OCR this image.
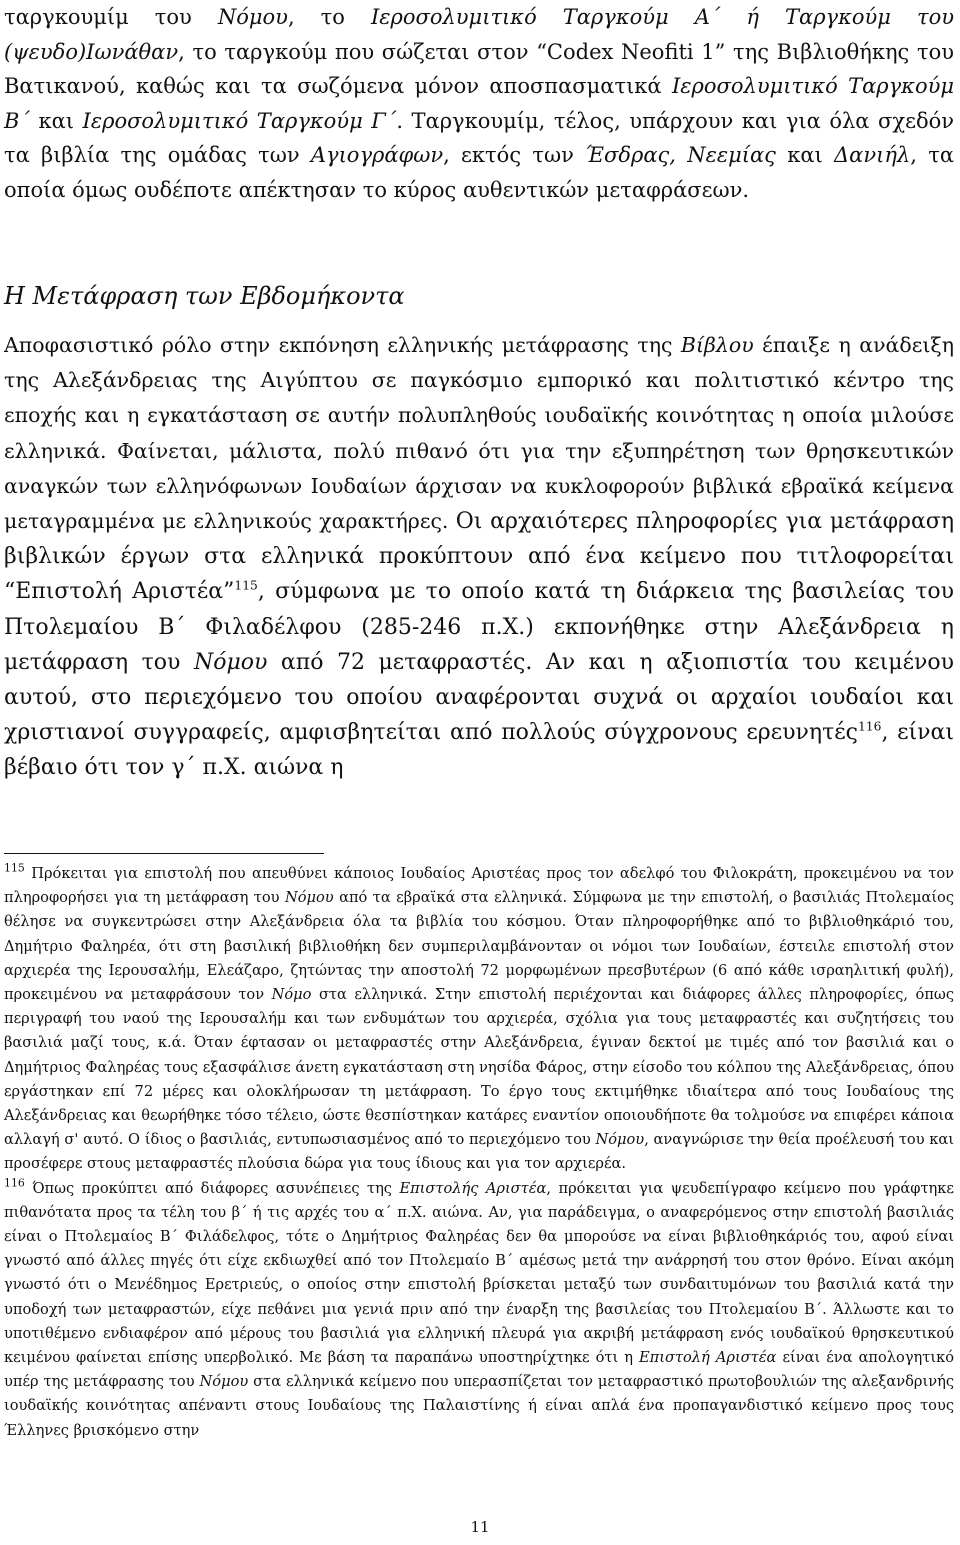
ταργκουμίμ του Νόμου, το Ιεροσολυμιτικό Ταργκούμ Α΄ ή Ταργκούμ του (ψευδο)Ιωνάθαν, το ταργκούμ που σώζεται στον “Codex Neofiti 1” της Βιβλιοθήκης του Βατικανού, καθώς και τα σωζόμενα μόνον αποσπασματικά Ιεροσολυμιτικό Ταργκούμ Β΄ και Ιεροσολυμιτικό Ταργκούμ Γ΄. Ταργκουμίμ, τέλος, υπάρχουν και για όλα σχεδόν τα βιβλία της ομάδας των Αγιογράφων, εκτός των Έσδρας, Νεεμίας και Δανιήλ, τα οποία όμως ουδέποτε απέκτησαν το κύρος αυθεντικών μεταφράσεων.

Η Μετάφραση των Εβδομήκοντα

Αποφασιστικό ρόλο στην εκπόνηση ελληνικής μετάφρασης της Βίβλου έπαιξε η ανάδειξη της Αλεξάνδρειας της Αιγύπτου σε παγκόσμιο εμπορικό και πολιτιστικό κέντρο της εποχής και η εγκατάσταση σε αυτήν πολυπληθούς ιουδαϊκής κοινότητας η οποία μιλούσε ελληνικά. Φαίνεται, μάλιστα, πολύ πιθανό ότι για την εξυπηρέτηση των θρησκευτικών αναγκών των ελληνόφωνων Ιουδαίων άρχισαν να κυκλοφορούν βιβλικά εβραϊκά κείμενα μεταγραμμένα με ελληνικούς χαρακτήρες. Οι αρχαιότερες πληροφορίες για μετάφραση βιβλικών έργων στα ελληνικά προκύπτουν από ένα κείμενο που τιτλοφορείται “Επιστολή Αριστέα”$^{115}$, σύμφωνα με το οποίο κατά τη διάρκεια της βασιλείας του Πτολεμαίου Β΄ Φιλαδέλφου (285-246 π.Χ.) εκπονήθηκε στην Αλεξάνδρεια η μετάφραση του Νόμου από 72 μεταφραστές. Αν και η αξιοπιστία του κειμένου αυτού, στο περιεχόμενο του οποίου αναφέρονται συχνά οι αρχαίοι ιουδαίοι και χριστιανοί συγγραφείς, αμφισβητείται από πολλούς σύγχρονους ερευνητές$^{116}$, είναι βέβαιο ότι τον γ΄ π.Χ. αιώνα η

$^{115}$ Πρόκειται για επιστολή που απευθύνει κάποιος Ιουδαίος Αριστέας προς τον αδελφό του Φιλοκράτη, προκειμένου να τον πληροφορήσει για τη μετάφραση του Νόμου από τα εβραϊκά στα ελληνικά. Σύμφωνα με την επιστολή, ο βασιλιάς Πτολεμαίος θέλησε να συγκεντρώσει στην Αλεξάνδρεια όλα τα βιβλία του κόσμου. Όταν πληροφορήθηκε από το βιβλιοθηκάριό του, Δημήτριο Φαληρέα, ότι στη βασιλική βιβλιοθήκη δεν συμπεριλαμβάνονταν οι νόμοι των Ιουδαίων, έστειλε επιστολή στον αρχιερέα της Ιερουσαλήμ, Ελεάζαρο, ζητώντας την αποστολή 72 μορφωμένων πρεσβυτέρων (6 από κάθε ισραηλιτική φυλή), προκειμένου να μεταφράσουν τον Νόμο στα ελληνικά. Στην επιστολή περιέχονται και διάφορες άλλες πληροφορίες, όπως περιγραφή του ναού της Ιερουσαλήμ και των ενδυμάτων του αρχιερέα, σχόλια για τους μεταφραστές και συζητήσεις του βασιλιά μαζί τους, κ.ά. Όταν έφτασαν οι μεταφραστές στην Αλεξάνδρεια, έγιναν δεκτοί με τιμές από τον βασιλιά και ο Δημήτριος Φαληρέας τους εξασφάλισε άνετη εγκατάσταση στη νησίδα Φάρος, στην είσοδο του κόλπου της Αλεξάνδρειας, όπου εργάστηκαν επί 72 μέρες και ολοκλήρωσαν τη μετάφραση. Το έργο τους εκτιμήθηκε ιδιαίτερα από τους Ιουδαίους της Αλεξάνδρειας και θεωρήθηκε τόσο τέλειο, ώστε θεσπίστηκαν κατάρες εναντίον οποιουδήποτε θα τολμούσε να επιφέρει κάποια αλλαγή σ' αυτό. Ο ίδιος ο βασιλιάς, εντυπωσιασμένος από το περιεχόμενο του Νόμου, αναγνώρισε την θεία προέλευσή του και προσέφερε στους μεταφραστές πλούσια δώρα για τους ίδιους και για τον αρχιερέα.

$^{116}$ Όπως προκύπτει από διάφορες ασυνέπειες της Επιστολής Αριστέα, πρόκειται για ψευδεπίγραφο κείμενο που γράφτηκε πιθανότατα προς τα τέλη του β΄ ή τις αρχές του α΄ π.Χ. αιώνα. Αν, για παράδειγμα, ο αναφερόμενος στην επιστολή βασιλιάς είναι ο Πτολεμαίος Β΄ Φιλάδελφος, τότε ο Δημήτριος Φαληρέας δεν θα μπορούσε να είναι βιβλιοθηκάριός του, αφού είναι γνωστό από άλλες πηγές ότι είχε εκδιωχθεί από τον Πτολεμαίο Β΄ αμέσως μετά την ανάρρησή του στον θρόνο. Είναι ακόμη γνωστό ότι ο Μενέδημος Ερετριεύς, ο οποίος στην επιστολή βρίσκεται μεταξύ των συνδαιτυμόνων του βασιλιά κατά την υποδοχή των μεταφραστών, είχε πεθάνει μια γενιά πριν από την έναρξη της βασιλείας του Πτολεμαίου Β΄. Άλλωστε και το υποτιθέμενο ενδιαφέρον από μέρους του βασιλιά για ελληνική πλευρά για ακριβή μετάφραση ενός ιουδαϊκού θρησκευτικού κειμένου φαίνεται επίσης υπερβολικό. Με βάση τα παραπάνω υποστηρίχτηκε ότι η Επιστολή Αριστέα είναι ένα απολογητικό υπέρ της μετάφρασης του Νόμου στα ελληνικά κείμενο που υπερασπίζεται τον μεταφραστικό πρωτοβουλιών της αλεξανδρινής ιουδαϊκής κοινότητας απέναντι στους Ιουδαίους της Παλαιστίνης ή είναι απλά ένα προπαγανδιστικό κείμενο προς τους Έλληνες βρισκόμενο στην

11
